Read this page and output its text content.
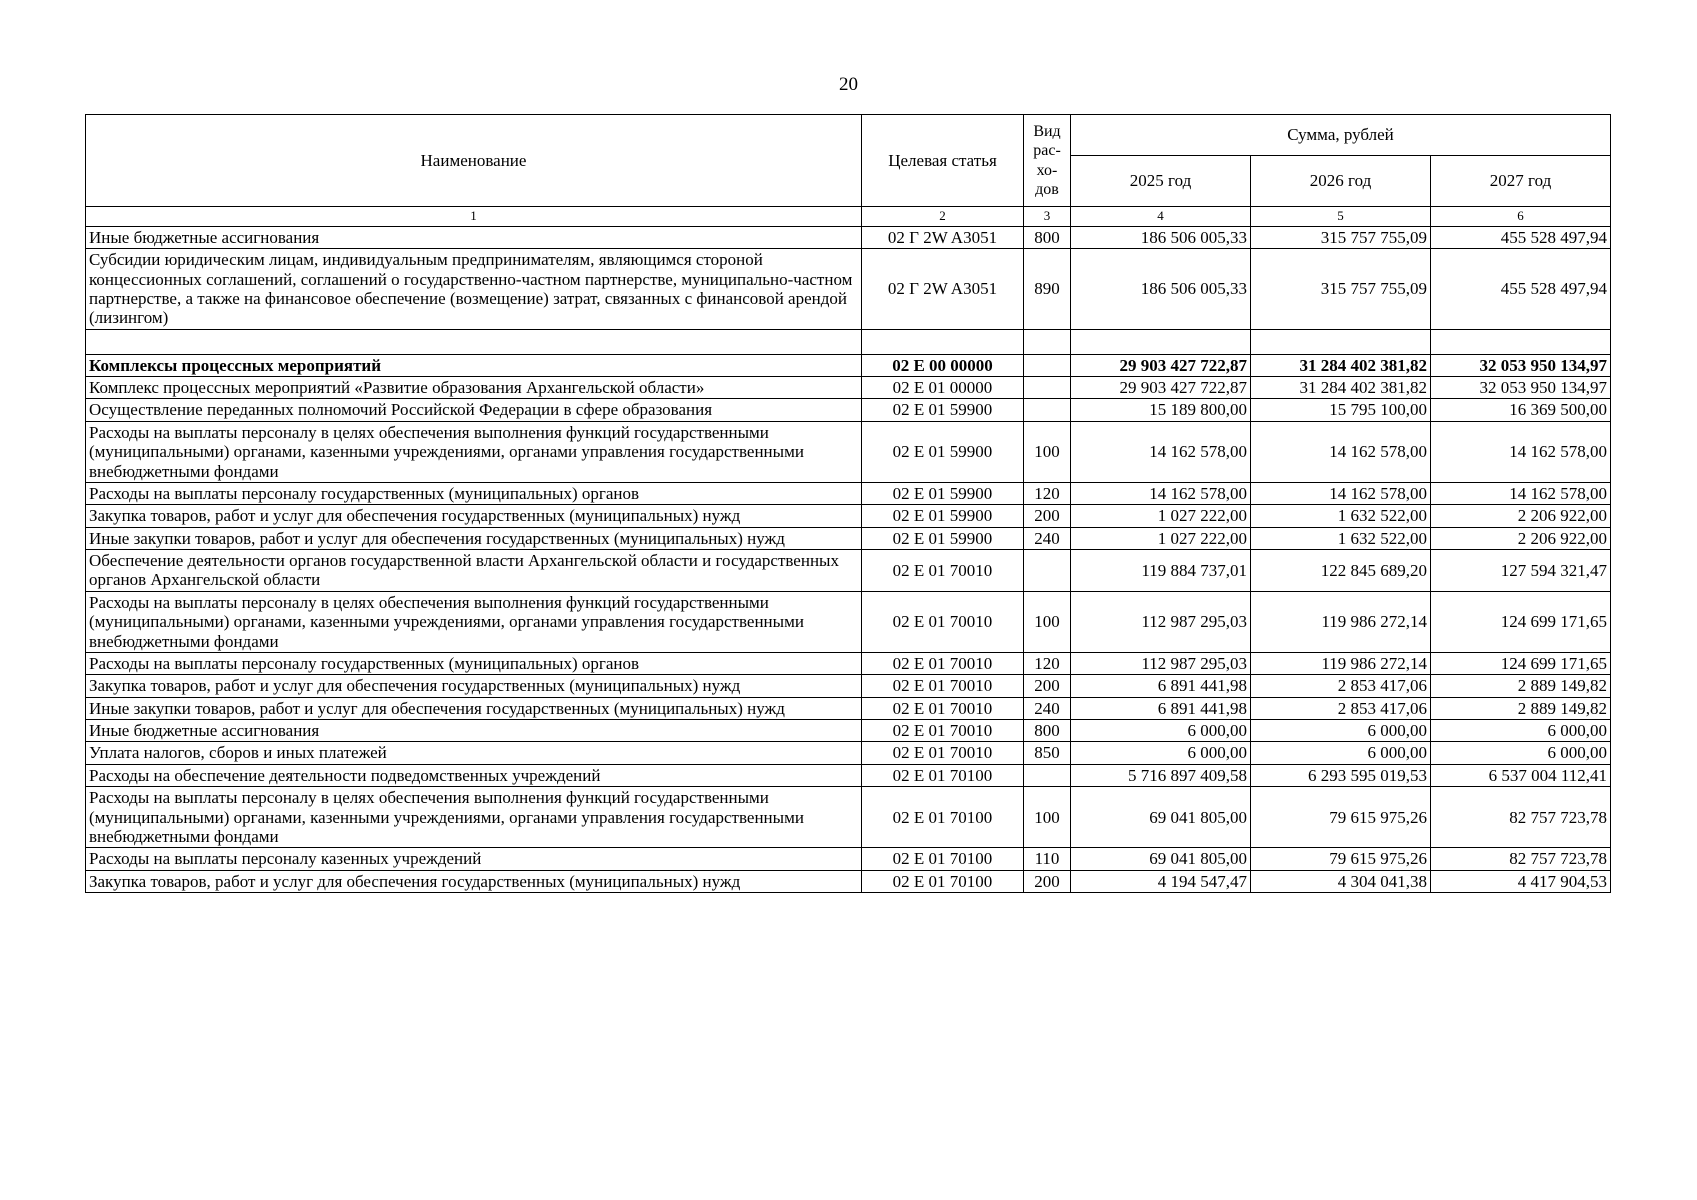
20
Наименование	Целевая статья	Вид
рас-
хо-
дов	Сумма, рублей		
			2025 год	2026 год	2027 год
1	2	3	4	5	6
Иные бюджетные ассигнования	02 Г 2W A3051	800	186 506 005,33	315 757 755,09	455 528 497,94
Субсидии юридическим лицам, индивидуальным предпринимателям, являющимся стороной концессионных соглашений, соглашений о государственно-частном партнерстве, муниципально-частном партнерстве, а также на финансовое обеспечение (возмещение) затрат, связанных с финансовой арендой (лизингом)	02 Г 2W A3051	890	186 506 005,33	315 757 755,09	455 528 497,94

Комплексы процессных мероприятий	02 Е 00 00000		29 903 427 722,87	31 284 402 381,82	32 053 950 134,97
Комплекс процессных мероприятий «Развитие образования Архангельской области»	02 Е 01 00000		29 903 427 722,87	31 284 402 381,82	32 053 950 134,97
Осуществление переданных полномочий Российской Федерации в сфере образования	02 Е 01 59900		15 189 800,00	15 795 100,00	16 369 500,00
Расходы на выплаты персоналу в целях обеспечения выполнения функций государственными (муниципальными) органами, казенными учреждениями, органами управления государственными внебюджетными фондами	02 Е 01 59900	100	14 162 578,00	14 162 578,00	14 162 578,00
Расходы на выплаты персоналу государственных (муниципальных) органов	02 Е 01 59900	120	14 162 578,00	14 162 578,00	14 162 578,00
Закупка товаров, работ и услуг для обеспечения государственных (муниципальных) нужд	02 Е 01 59900	200	1 027 222,00	1 632 522,00	2 206 922,00
Иные закупки товаров, работ и услуг для обеспечения государственных (муниципальных) нужд	02 Е 01 59900	240	1 027 222,00	1 632 522,00	2 206 922,00
Обеспечение деятельности органов государственной власти Архангельской области и государственных органов Архангельской области	02 Е 01 70010		119 884 737,01	122 845 689,20	127 594 321,47
Расходы на выплаты персоналу в целях обеспечения выполнения функций государственными (муниципальными) органами, казенными учреждениями, органами управления государственными внебюджетными фондами	02 Е 01 70010	100	112 987 295,03	119 986 272,14	124 699 171,65
Расходы на выплаты персоналу государственных (муниципальных) органов	02 Е 01 70010	120	112 987 295,03	119 986 272,14	124 699 171,65
Закупка товаров, работ и услуг для обеспечения государственных (муниципальных) нужд	02 Е 01 70010	200	6 891 441,98	2 853 417,06	2 889 149,82
Иные закупки товаров, работ и услуг для обеспечения государственных (муниципальных) нужд	02 Е 01 70010	240	6 891 441,98	2 853 417,06	2 889 149,82
Иные бюджетные ассигнования	02 Е 01 70010	800	6 000,00	6 000,00	6 000,00
Уплата налогов, сборов и иных платежей	02 Е 01 70010	850	6 000,00	6 000,00	6 000,00
Расходы на обеспечение деятельности подведомственных учреждений	02 Е 01 70100		5 716 897 409,58	6 293 595 019,53	6 537 004 112,41
Расходы на выплаты персоналу в целях обеспечения выполнения функций государственными (муниципальными) органами, казенными учреждениями, органами управления государственными внебюджетными фондами	02 Е 01 70100	100	69 041 805,00	79 615 975,26	82 757 723,78
Расходы на выплаты персоналу казенных учреждений	02 Е 01 70100	110	69 041 805,00	79 615 975,26	82 757 723,78
Закупка товаров, работ и услуг для обеспечения государственных (муниципальных) нужд	02 Е 01 70100	200	4 194 547,47	4 304 041,38	4 417 904,53
